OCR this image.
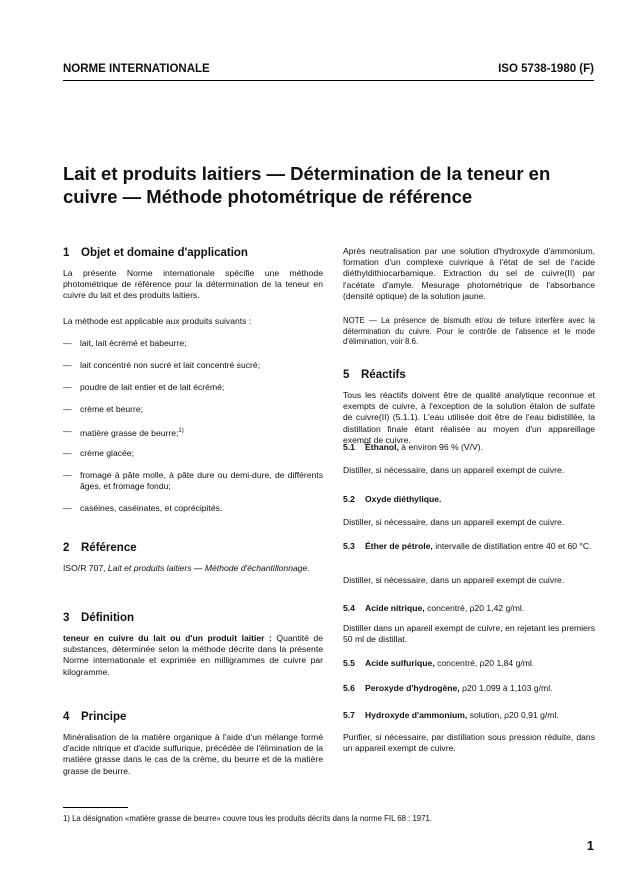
NORME INTERNATIONALE	ISO 5738-1980 (F)
Lait et produits laitiers — Détermination de la teneur en
cuivre — Méthode photométrique de référence
1 Objet et domaine d'application

La présente Norme internationale spécifie une méthode photométrique de référence pour la détermination de la teneur en cuivre du lait et des produits laitiers.

La méthode est applicable aux produits suivants :

— lait, lait écrémé et babeurre;
— lait concentré non sucré et lait concentré sucré;
— poudre de lait entier et de lait écrémé;
— crème et beurre;
— matière grasse de beurre;$^{1)}$
— crème glacée;
— fromage à pâte molle, à pâte dure ou demi-dure, de différents âges, et fromage fondu;
— caséines, caséinates, et coprécipités.
2 Référence

ISO/R 707, Lait et produits laitiers — Méthode d'échantillonnage.

3 Définition

teneur en cuivre du lait ou d'un produit laitier : Quantité de substances, déterminée selon la méthode décrite dans la présente Norme internationale et exprimée en milligrammes de cuivre par kilogramme.

4 Principe

Minéralisation de la matière organique à l'aide d'un mélange formé d'acide nitrique et d'acide sulfurique, précédée de l'élimination de la matière grasse dans le cas de la crème, du beurre et de la matière grasse de beurre.

Après neutralisation par une solution d'hydroxyde d'ammonium, formation d'un complexe cuivrique à l'état de sel de l'acide diéthyldithiocarbamique. Extraction du sel de cuivre(II) par l'acétate d'amyle. Mesurage photométrique de l'absorbance (densité optique) de la solution jaune.

NOTE — La présence de bismuth et/ou de tellure interfère avec la détermination du cuivre. Pour le contrôle de l'absence et le mode d'élimination, voir 8.6.

5 Réactifs

Tous les réactifs doivent être de qualité analytique reconnue et exempts de cuivre, à l'exception de la solution étalon de sulfate de cuivre(II) (5.1.1). L'eau utilisée doit être de l'eau bidistillée, la distillation finale étant réalisée au moyen d'un appareillage exempt de cuivre.

5.1 Éthanol, à environ 96 % (V/V).

Distiller, si nécessaire, dans un appareil exempt de cuivre.

5.2 Oxyde diéthylique.

Distiller, si nécessaire, dans un appareil exempt de cuivre.

5.3 Éther de pétrole, intervalle de distillation entre 40 et 60 °C.

Distiller, si nécessaire, dans un appareil exempt de cuivre.

5.4 Acide nitrique, concentré, ρ20 1,42 g/ml.

Distiller dans un apareil exempt de cuivre, en rejetant les premiers 50 ml de distillat.

5.5 Acide sulfurique, concentré, ρ20 1,84 g/ml.
5.6 Peroxyde d'hydrogène, ρ20 1,099 à 1,103 g/ml.
5.7 Hydroxyde d'ammonium, solution, ρ20 0,91 g/ml.

Purifier, si nécessaire, par distillation sous pression réduite, dans un appareil exempt de cuivre.

1) La désignation «matière grasse de beurre» couvre tous les produits décrits dans la norme FIL 68 : 1971.
1
